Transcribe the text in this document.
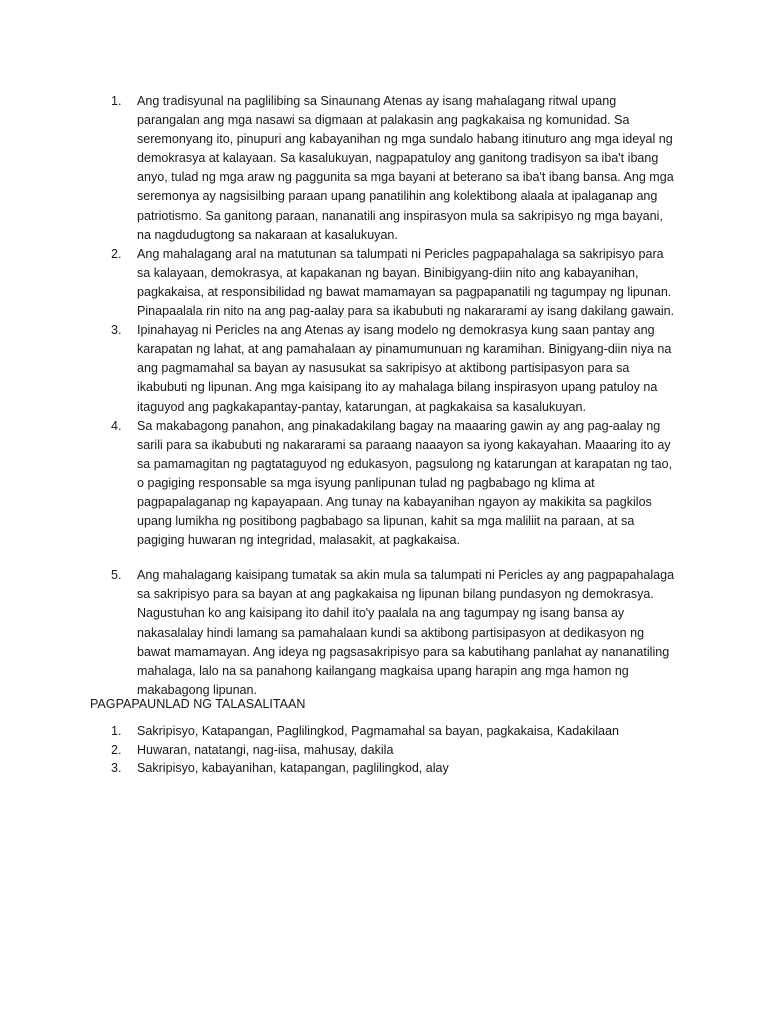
1. Ang tradisyunal na paglilibing sa Sinaunang Atenas ay isang mahalagang ritwal upang parangalan ang mga nasawi sa digmaan at palakasin ang pagkakaisa ng komunidad. Sa seremonyang ito, pinupuri ang kabayanihan ng mga sundalo habang itinuturo ang mga ideyal ng demokrasya at kalayaan. Sa kasalukuyan, nagpapatuloy ang ganitong tradisyon sa iba't ibang anyo, tulad ng mga araw ng paggunita sa mga bayani at beterano sa iba't ibang bansa. Ang mga seremonya ay nagsisilbing paraan upang panatilihin ang kolektibong alaala at ipalaganap ang patriotismo. Sa ganitong paraan, nananatili ang inspirasyon mula sa sakripisyo ng mga bayani, na nagdudugtong sa nakaraan at kasalukuyan.
2. Ang mahalagang aral na matutunan sa talumpati ni Pericles pagpapahalaga sa sakripisyo para sa kalayaan, demokrasya, at kapakanan ng bayan. Binibigyang-diin nito ang kabayanihan, pagkakaisa, at responsibilidad ng bawat mamamayan sa pagpapanatili ng tagumpay ng lipunan. Pinapaalala rin nito na ang pag-aalay para sa ikabubuti ng nakararami ay isang dakilang gawain.
3. Ipinahayag ni Pericles na ang Atenas ay isang modelo ng demokrasya kung saan pantay ang karapatan ng lahat, at ang pamahalaan ay pinamumunuan ng karamihan. Binigyang-diin niya na ang pagmamahal sa bayan ay nasusukat sa sakripisyo at aktibong partisipasyon para sa ikabubuti ng lipunan. Ang mga kaisipang ito ay mahalaga bilang inspirasyon upang patuloy na itaguyod ang pagkakapantay-pantay, katarungan, at pagkakaisa sa kasalukuyan.
4. Sa makabagong panahon, ang pinakadakilang bagay na maaaring gawin ay ang pag-aalay ng sarili para sa ikabubuti ng nakararami sa paraang naaayon sa iyong kakayahan. Maaaring ito ay sa pamamagitan ng pagtataguyod ng edukasyon, pagsulong ng katarungan at karapatan ng tao, o pagiging responsable sa mga isyung panlipunan tulad ng pagbabago ng klima at pagpapalaganap ng kapayapaan. Ang tunay na kabayanihan ngayon ay makikita sa pagkilos upang lumikha ng positibong pagbabago sa lipunan, kahit sa mga maliliit na paraan, at sa pagiging huwaran ng integridad, malasakit, at pagkakaisa.
5. Ang mahalagang kaisipang tumatak sa akin mula sa talumpati ni Pericles ay ang pagpapahalaga sa sakripisyo para sa bayan at ang pagkakaisa ng lipunan bilang pundasyon ng demokrasya. Nagustuhan ko ang kaisipang ito dahil ito'y paalala na ang tagumpay ng isang bansa ay nakasalalay hindi lamang sa pamahalaan kundi sa aktibong partisipasyon at dedikasyon ng bawat mamamayan. Ang ideya ng pagsasakripisyo para sa kabutihang panlahat ay nananatiling mahalaga, lalo na sa panahong kailangang magkaisa upang harapin ang mga hamon ng makabagong lipunan.
PAGPAPAUNLAD NG TALASALITAAN
1. Sakripisyo, Katapangan, Paglilingkod, Pagmamahal sa bayan, pagkakaisa, Kadakilaan
2. Huwaran, natatangi, nag-iisa, mahusay, dakila
3. Sakripisyo, kabayanihan, katapangan, paglilingkod, alay
